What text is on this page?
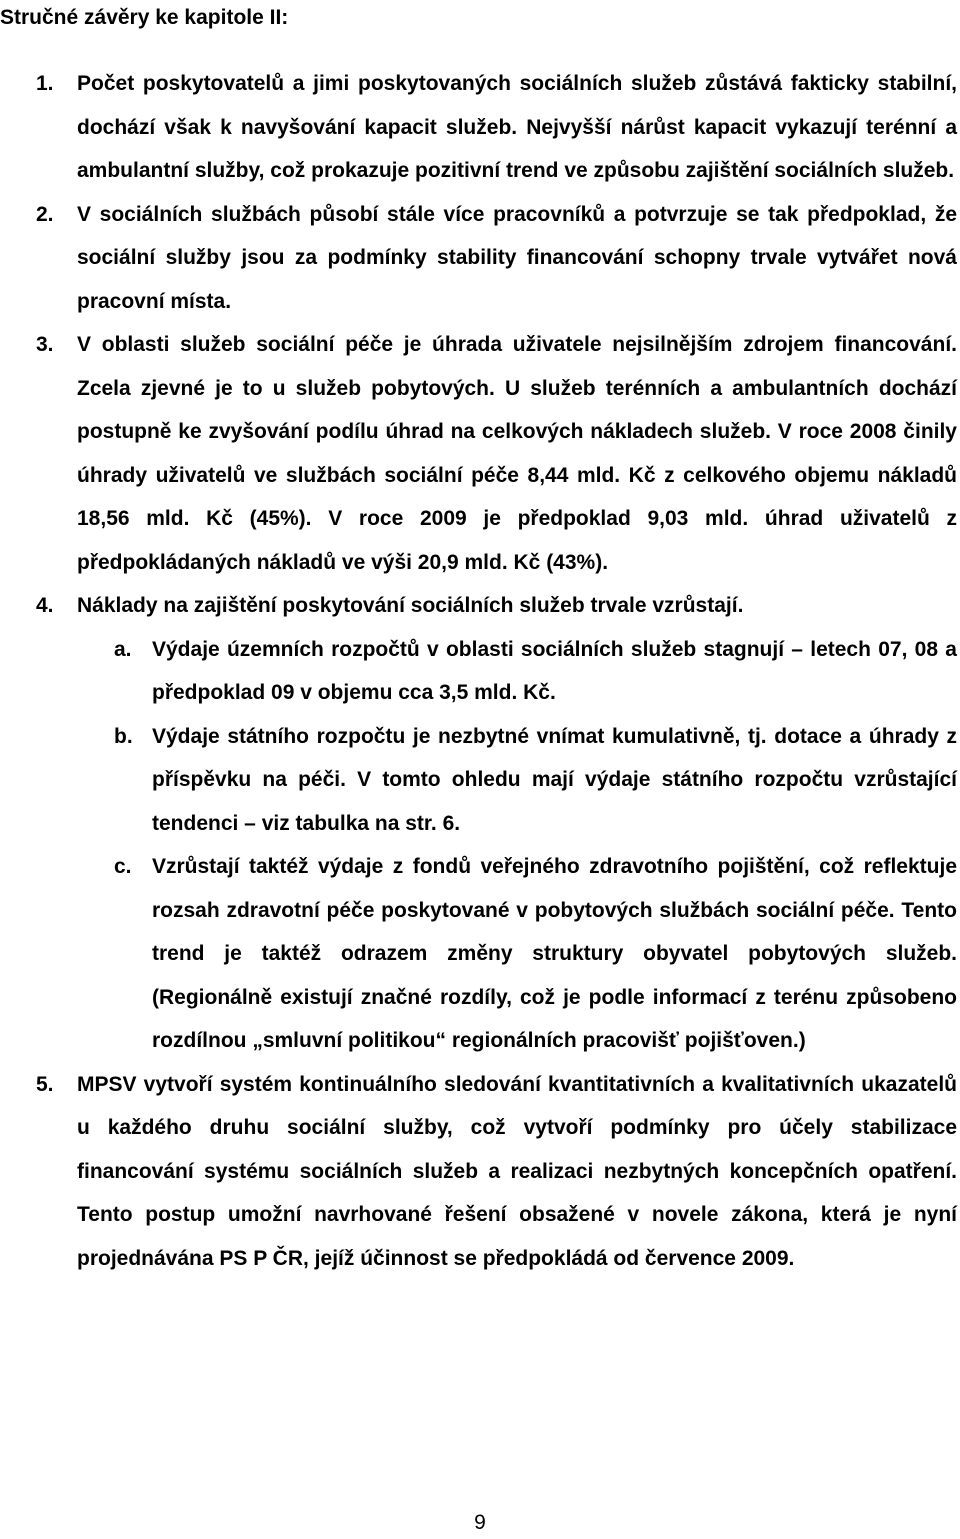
Stručné závěry ke kapitole II:
1. Počet poskytovatelů a jimi poskytovaných sociálních služeb zůstává fakticky stabilní, dochází však k navyšování kapacit služeb. Nejvyšší nárůst kapacit vykazují terénní a ambulantní služby, což prokazuje pozitivní trend ve způsobu zajištění sociálních služeb.
2. V sociálních službách působí stále více pracovníků a potvrzuje se tak předpoklad, že sociální služby jsou za podmínky stability financování schopny trvale vytvářet nová pracovní místa.
3. V oblasti služeb sociální péče je úhrada uživatele nejsilnějším zdrojem financování. Zcela zjevné je to u služeb pobytových. U služeb terénních a ambulantních dochází postupně ke zvyšování podílu úhrad na celkových nákladech služeb. V roce 2008 činily úhrady uživatelů ve službách sociální péče 8,44 mld. Kč z celkového objemu nákladů 18,56 mld. Kč (45%). V roce 2009 je předpoklad 9,03 mld. úhrad uživatelů z předpokládaných nákladů ve výši 20,9 mld. Kč (43%).
4. Náklady na zajištění poskytování sociálních služeb trvale vzrůstají.
a. Výdaje územních rozpočtů v oblasti sociálních služeb stagnují – letech 07, 08 a předpoklad 09 v objemu cca 3,5 mld. Kč.
b. Výdaje státního rozpočtu je nezbytné vnímat kumulativně, tj. dotace a úhrady z příspěvku na péči. V tomto ohledu mají výdaje státního rozpočtu vzrůstající tendenci – viz tabulka na str. 6.
c. Vzrůstají taktéž výdaje z fondů veřejného zdravotního pojištění, což reflektuje rozsah zdravotní péče poskytované v pobytových službách sociální péče. Tento trend je taktéž odrazem změny struktury obyvatel pobytových služeb. (Regionálně existují značné rozdíly, což je podle informací z terénu způsobeno rozdílnou „smluvní politikou“ regionálních pracovišť pojišťoven.)
5. MPSV vytvoří systém kontinuálního sledování kvantitativních a kvalitativních ukazatelů u každého druhu sociální služby, což vytvoří podmínky pro účely stabilizace financování systému sociálních služeb a realizaci nezbytných koncepčních opatření. Tento postup umožní navrhované řešení obsažené v novele zákona, která je nyní projednávána PS P ČR, jejíž účinnost se předpokládá od července 2009.
9
